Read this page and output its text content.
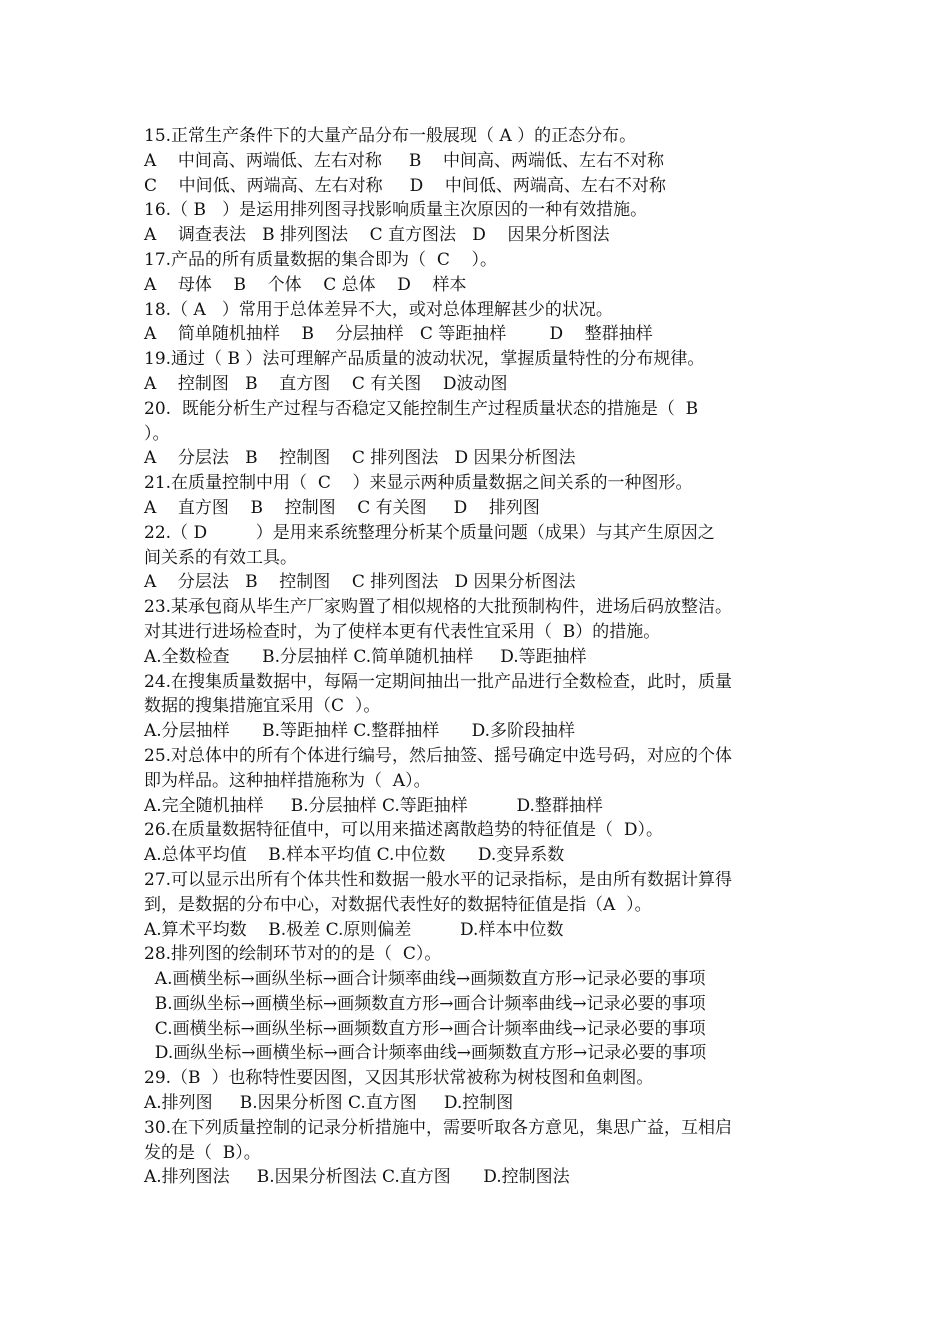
15.正常生产条件下的大量产品分布一般展现（ A ）的正态分布。
A    中间高、两端低、左右对称     B    中间高、两端低、左右不对称
C    中间低、两端高、左右对称     D    中间低、两端高、左右不对称
16.（ B   ）是运用排列图寻找影响质量主次原因的一种有效措施。
A    调查表法   B 排列图法    C 直方图法   D    因果分析图法
17.产品的所有质量数据的集合即为（  C    ）。
A    母体    B    个体    C 总体    D    样本
18.（ A   ）常用于总体差异不大，或对总体理解甚少的状况。
A    简单随机抽样    B    分层抽样   C 等距抽样        D    整群抽样
19.通过（ B ）法可理解产品质量的波动状况，掌握质量特性的分布规律。
A    控制图   B    直方图    C 有关图    D波动图
20.  既能分析生产过程与否稳定又能控制生产过程质量状态的措施是（  B
）。
A    分层法   B    控制图    C 排列图法   D 因果分析图法
21.在质量控制中用（  C    ）来显示两种质量数据之间关系的一种图形。
A    直方图    B    控制图    C 有关图     D    排列图
22.（ D         ）是用来系统整理分析某个质量问题（成果）与其产生原因之
间关系的有效工具。
A    分层法   B    控制图    C 排列图法   D 因果分析图法
23.某承包商从毕生产厂家购置了相似规格的大批预制构件，进场后码放整洁。
对其进行进场检查时，为了使样本更有代表性宜采用（  B）的措施。
A.全数检查      B.分层抽样 C.简单随机抽样     D.等距抽样
24.在搜集质量数据中，每隔一定期间抽出一批产品进行全数检查，此时，质量
数据的搜集措施宜采用（C  ）。
A.分层抽样      B.等距抽样 C.整群抽样      D.多阶段抽样
25.对总体中的所有个体进行编号，然后抽签、摇号确定中选号码，对应的个体
即为样品。这种抽样措施称为（  A）。
A.完全随机抽样     B.分层抽样 C.等距抽样         D.整群抽样
26.在质量数据特征值中，可以用来描述离散趋势的特征值是（  D）。
A.总体平均值    B.样本平均值 C.中位数      D.变异系数
27.可以显示出所有个体共性和数据一般水平的记录指标，是由所有数据计算得
到，是数据的分布中心，对数据代表性好的数据特征值是指（A  ）。
A.算术平均数    B.极差 C.原则偏差         D.样本中位数
28.排列图的绘制环节对的的是（  C）。
A.画横坐标→画纵坐标→画合计频率曲线→画频数直方形→记录必要的事项
B.画纵坐标→画横坐标→画频数直方形→画合计频率曲线→记录必要的事项
C.画横坐标→画纵坐标→画频数直方形→画合计频率曲线→记录必要的事项
D.画纵坐标→画横坐标→画合计频率曲线→画频数直方形→记录必要的事项
29.（B  ）也称特性要因图，又因其形状常被称为树枝图和鱼刺图。
A.排列图     B.因果分析图 C.直方图     D.控制图
30.在下列质量控制的记录分析措施中，需要听取各方意见，集思广益，互相启
发的是（  B）。
A.排列图法     B.因果分析图法 C.直方图      D.控制图法
